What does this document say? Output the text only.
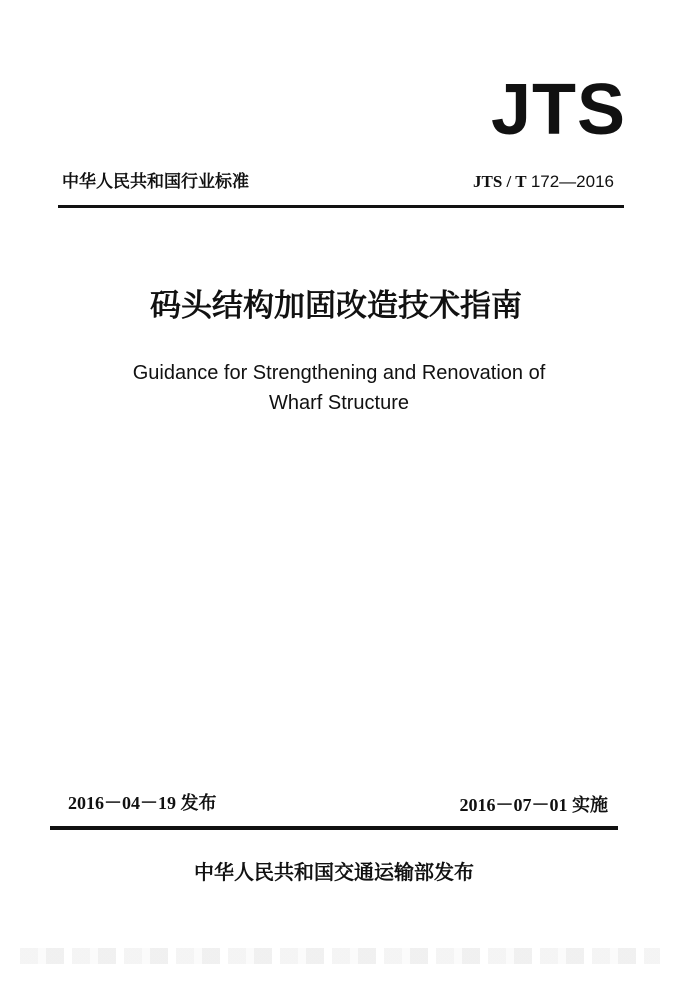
JTS
中华人民共和国行业标准	JTS / T 172—2016
码头结构加固改造技术指南
Guidance for Strengthening and Renovation of
Wharf Structure
2016－04－19 发布	2016－07－01 实施
中华人民共和国交通运输部发布
